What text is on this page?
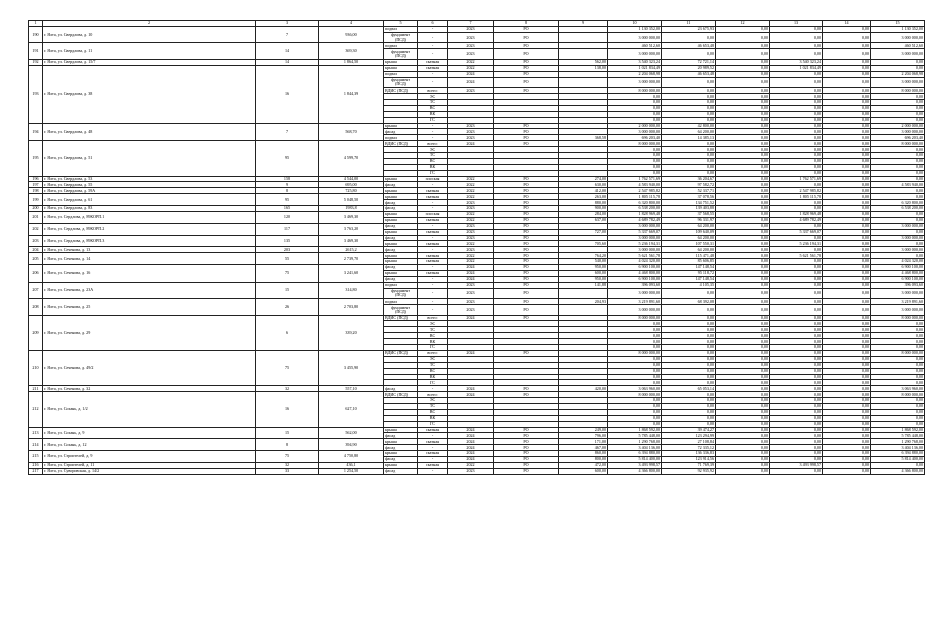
1	2	3	4	5	6	7	8	9	10	11	12	13	14	15
190	г. Ялта, ул. Свердлова, д. 10	7	936,00	подвал	-	2023	РО		1 130 352,00	23 675,93	0,00	0,00	0,00	1 130 352,00
				фундамент (ПСД)	-	2023	РО		3 000 000,00	0,00	0,00	0,00	0,00	3 000 000,00
191	г. Ялта, ул. Свердлова, д. 11	14	369,30	подвал	-	2023	РО		460 512,60	46 653,48	0,00	0,00	0,00	460 512,60
				фундамент (ПСД)	-	2023	РО		3 000 000,00	0,00	0,00	0,00	0,00	3 000 000,00
192	г. Ялта, ул. Свердлова, д. 15/7	14	1 864,50	крыша	скатная	2022	РО	562,00	3 540 323,24	72 721,14	0,00	3 540 323,24	0,00	0,00
193	г. Ялта, ул. Свердлова, д. 38	16	1 844,39	крыша	скатная	2022	РО	138,00	1 021 834,49	20 989,52	0,00	1 021 834,49	0,00	0,00
				подвал	-	2024	РО		2 204 068,98	46 653,48	0,00	0,00	0,00	2 204 068,98
				фундамент (ПСД)	-	2024	РО		3 000 000,00	0,00	0,00	0,00	0,00	3 000 000,00
				ВДИС (ПСД)	всего:	2023	РО		8 000 000,00	0,00	0,00	0,00	0,00	8 000 000,00
					ЭС				0,00	0,00	0,00	0,00	0,00	0,00
					ТС				0,00	0,00	0,00	0,00	0,00	0,00
					ВС				0,00	0,00	0,00	0,00	0,00	0,00
					ВК				0,00	0,00	0,00	0,00	0,00	0,00
					ГС				0,00	0,00	0,00	0,00	0,00	0,00
194	г. Ялта, ул. Свердлова, д. 48	7	568,70	крыша	-	2023	РО		2 000 000,00	42 800,00	0,00	0,00	0,00	2 000 000,00
				фасад	-	2023	РО		3 000 000,00	64 200,00	0,00	0,00	0,00	3 000 000,00
				подвал	-	2023	РО	368,58	696 203,40	14 385,13	0,00	0,00	0,00	696 203,40
195	г. Ялта, ул. Свердлова, д. 51	95	4 599,70	ВДИС (ПСД)	всего:	2024	РО		8 000 000,00	0,00	0,00	0,00	0,00	8 000 000,00
					ЭС				0,00	0,00	0,00	0,00	0,00	0,00
					ТС				0,00	0,00	0,00	0,00	0,00	0,00
					ВС				0,00	0,00	0,00	0,00	0,00	0,00
					ВК				0,00	0,00	0,00	0,00	0,00	0,00
					ГС				0,00	0,00	0,00	0,00	0,00	0,00
196	г. Ялта, ул. Свердлова, д. 53	158	4 544,00	крыша	плоская	2022	РО	274,00	1 762 571,69	36 204,67	0,00	1 762 571,69	0,00	0,00
197	г. Ялта, ул. Свердлова, д. 55	9	695,00	фасад	-	2022	РО	630,00	4 583 940,00	97 582,72	0,00	0,00	0,00	4 583 940,00
198	г. Ялта, ул. Свердлова, д. 59А	8	725,80	крыша	скатная	2022	РО	412,00	2 547 985,82	52 337,71	0,00	2 547 985,82	0,00	0,00
199	г. Ялта, ул. Свердлова, д. 61	95	5 048,50	крыша	скатная	2022	РО	263,00	1 805 115,78	37 078,56	0,00	1 805 115,78	0,00	0,00
				фасад	-	2023	РО	880,00	6 320 800,00	134 751,52	0,00	0,00	0,00	6 320 800,00
200	г. Ялта, ул. Свердлова, д. 83	165	1983,8	фасад	-	2023	РО	900,00	6 538 200,00	139 403,88	0,00	0,00	0,00	6 538 200,00
201	г. Ялта, ул. Сердлова, д. 89КОРП.1	120	3 469,30	крыша	плоская	2022	РО	284,00	1 828 969,48	37 568,55	0,00	1 828 969,48	0,00	0,00
				крыша	скатная	2022	РО	637,00	4 689 782,49	96 331,97	0,00	4 689 782,49	0,00	0,00
202	г. Ялта, ул. Сердлова, д. 89КОРП.2	117	3 763,20	фасад	-	2023	РО		3 000 000,00	64 200,00	0,00	0,00	0,00	3 000 000,00
				крыша	скатная	2023	РО	727,00	5 337 669,07	109 640,09	0,00	5 337 669,07	0,00	0,00
203	г. Ялта, ул. Сердлова, д. 89КОРП.3	135	3 469,30	фасад	-	2023	РО		3 000 000,00	64 200,00	0,00	0,00	0,00	3 000 000,00
				крыша	скатная	2022	РО	705,60	5 236 194,31	107 550,31	0,00	5 236 194,31	0,00	0,00
204	г. Ялта, ул. Сеченова, д. 13	203	2615,2	фасад	-	2023	РО		3 000 000,00	64 200,00	0,00	0,00	0,00	3 000 000,00
205	г. Ялта, ул. Сеченова, д. 14	55	2 739,70	крыша	скатная	2022	РО	764,20	5 621 561,78	115 471,48	0,00	5 621 561,78	0,00	0,00
				крыша	скатная	2022	РО	540,00	4 024 320,00	85 606,85	0,00	0,00	0,00	4 024 320,00
206	г. Ялта, ул. Сеченова, д. 16	75	3 241,60	фасад	-	2024	РО	950,00	6 900 100,00	147 148,54	0,00	0,00	0,00	6 900 100,00
				крыша	скатная	2024	РО	600,00	4 468 800,00	95 118,72	0,00	0,00	0,00	4 468 800,00
				фасад	-	2024	РО	950,00	6 900 100,00	147 148,54	0,00	0,00	0,00	6 900 100,00
207	г. Ялта, ул. Сеченова, д. 23А	15	314,80	подвал	-	2023	РО	141,88	396 093,60	4 105,35	0,00	0,00	0,00	396 093,60
				фундамент (ПСД)	-	2023	РО		3 000 000,00	0,00	0,00	0,00	0,00	3 000 000,00
208	г. Ялта, ул. Сеченова, д. 25	26	2 703,80	подвал	-	2023	РО	204,93	3 219 891,60	68 392,08	0,00	0,00	0,00	3 219 891,60
				фундамент (ПСД)	-	2023	РО		3 000 000,00	0,00	0,00	0,00	0,00	3 000 000,00
209	г. Ялта, ул. Сеченова, д. 29	6	339,20	ВДИС (ПСД)	всего:	2024	РО		8 000 000,00	0,00	0,00	0,00	0,00	8 000 000,00
					ЭС				0,00	0,00	0,00	0,00	0,00	0,00
					ТС				0,00	0,00	0,00	0,00	0,00	0,00
					ВС				0,00	0,00	0,00	0,00	0,00	0,00
					ВК				0,00	0,00	0,00	0,00	0,00	0,00
					ГС				0,00	0,00	0,00	0,00	0,00	0,00
210	г. Ялта, ул. Сеченова, д. 49/2	75	3 455,90	ВДИС (ПСД)	всего:	2024	РО		8 000 000,00	0,00	0,00	0,00	0,00	8 000 000,00
					ЭС				0,00	0,00	0,00	0,00	0,00	0,00
					ТС				0,00	0,00	0,00	0,00	0,00	0,00
					ВС				0,00	0,00	0,00	0,00	0,00	0,00
					ВК				0,00	0,00	0,00	0,00	0,00	0,00
					ГС				0,00	0,00	0,00	0,00	0,00	0,00
211	г. Ялта, ул. Сеченова, д. 32	32	557,10	фасад	-	2024	РО	420,00	3 063 960,00	65 053,14	0,00	0,00	0,00	3 063 960,00
212	г. Ялта, ул. Сохань, д. 1/2	16	627,10	ВДИС (ПСД)	всего:	2024	РО		8 000 000,00	0,00	0,00	0,00	0,00	8 000 000,00
					ЭС				0,00	0,00	0,00	0,00	0,00	0,00
					ТС				0,00	0,00	0,00	0,00	0,00	0,00
					ВС				0,00	0,00	0,00	0,00	0,00	0,00
					ВК				0,00	0,00	0,00	0,00	0,00	0,00
					ГС				0,00	0,00	0,00	0,00	0,00	0,00
213	г. Ялта, ул. Сохань, д. 9	15	562,00	крыша	скатная	2024	РО	249,00	1 868 592,00	39 474,27	0,00	0,00	0,00	1 868 592,00
				фасад	-	2024	РО	796,00	5 785 448,00	123 294,99	0,00	0,00	0,00	5 785 448,00
214	г. Ялта, ул. Сохань, д. 12	8	394,90	крыша	скатная	2024	РО	171,00	1 290 768,00	27 108,84	0,00	0,00	0,00	1 290 768,00
				фасад	-	2024	РО	467,00	3 404 136,00	72 335,12	0,00	0,00	0,00	3 404 136,00
215	г. Ялта, ул. Строителей, д. 9	75	4 750,80	крыша	скатная	2024	РО	860,00	6 394 880,00	136 336,83	0,00	0,00	0,00	6 394 880,00
				фасад	-	2024	РО	800,00	5 814 400,00	123 914,56	0,00	0,00	0,00	5 814 400,00
216	г. Ялта, ул. Строителей, д. 11	32	436,1	крыша	скатная	2022	РО	472,00	3 493 998,57	71 769,39	0,00	3 493 998,57	0,00	0,00
217	г. Ялта, ул. Суворовская, д. 14/2	33	1 254,50	фасад	-	2023	РО	600,00	4 366 800,00	92 935,92	0,00	0,00	0,00	4 366 800,00
